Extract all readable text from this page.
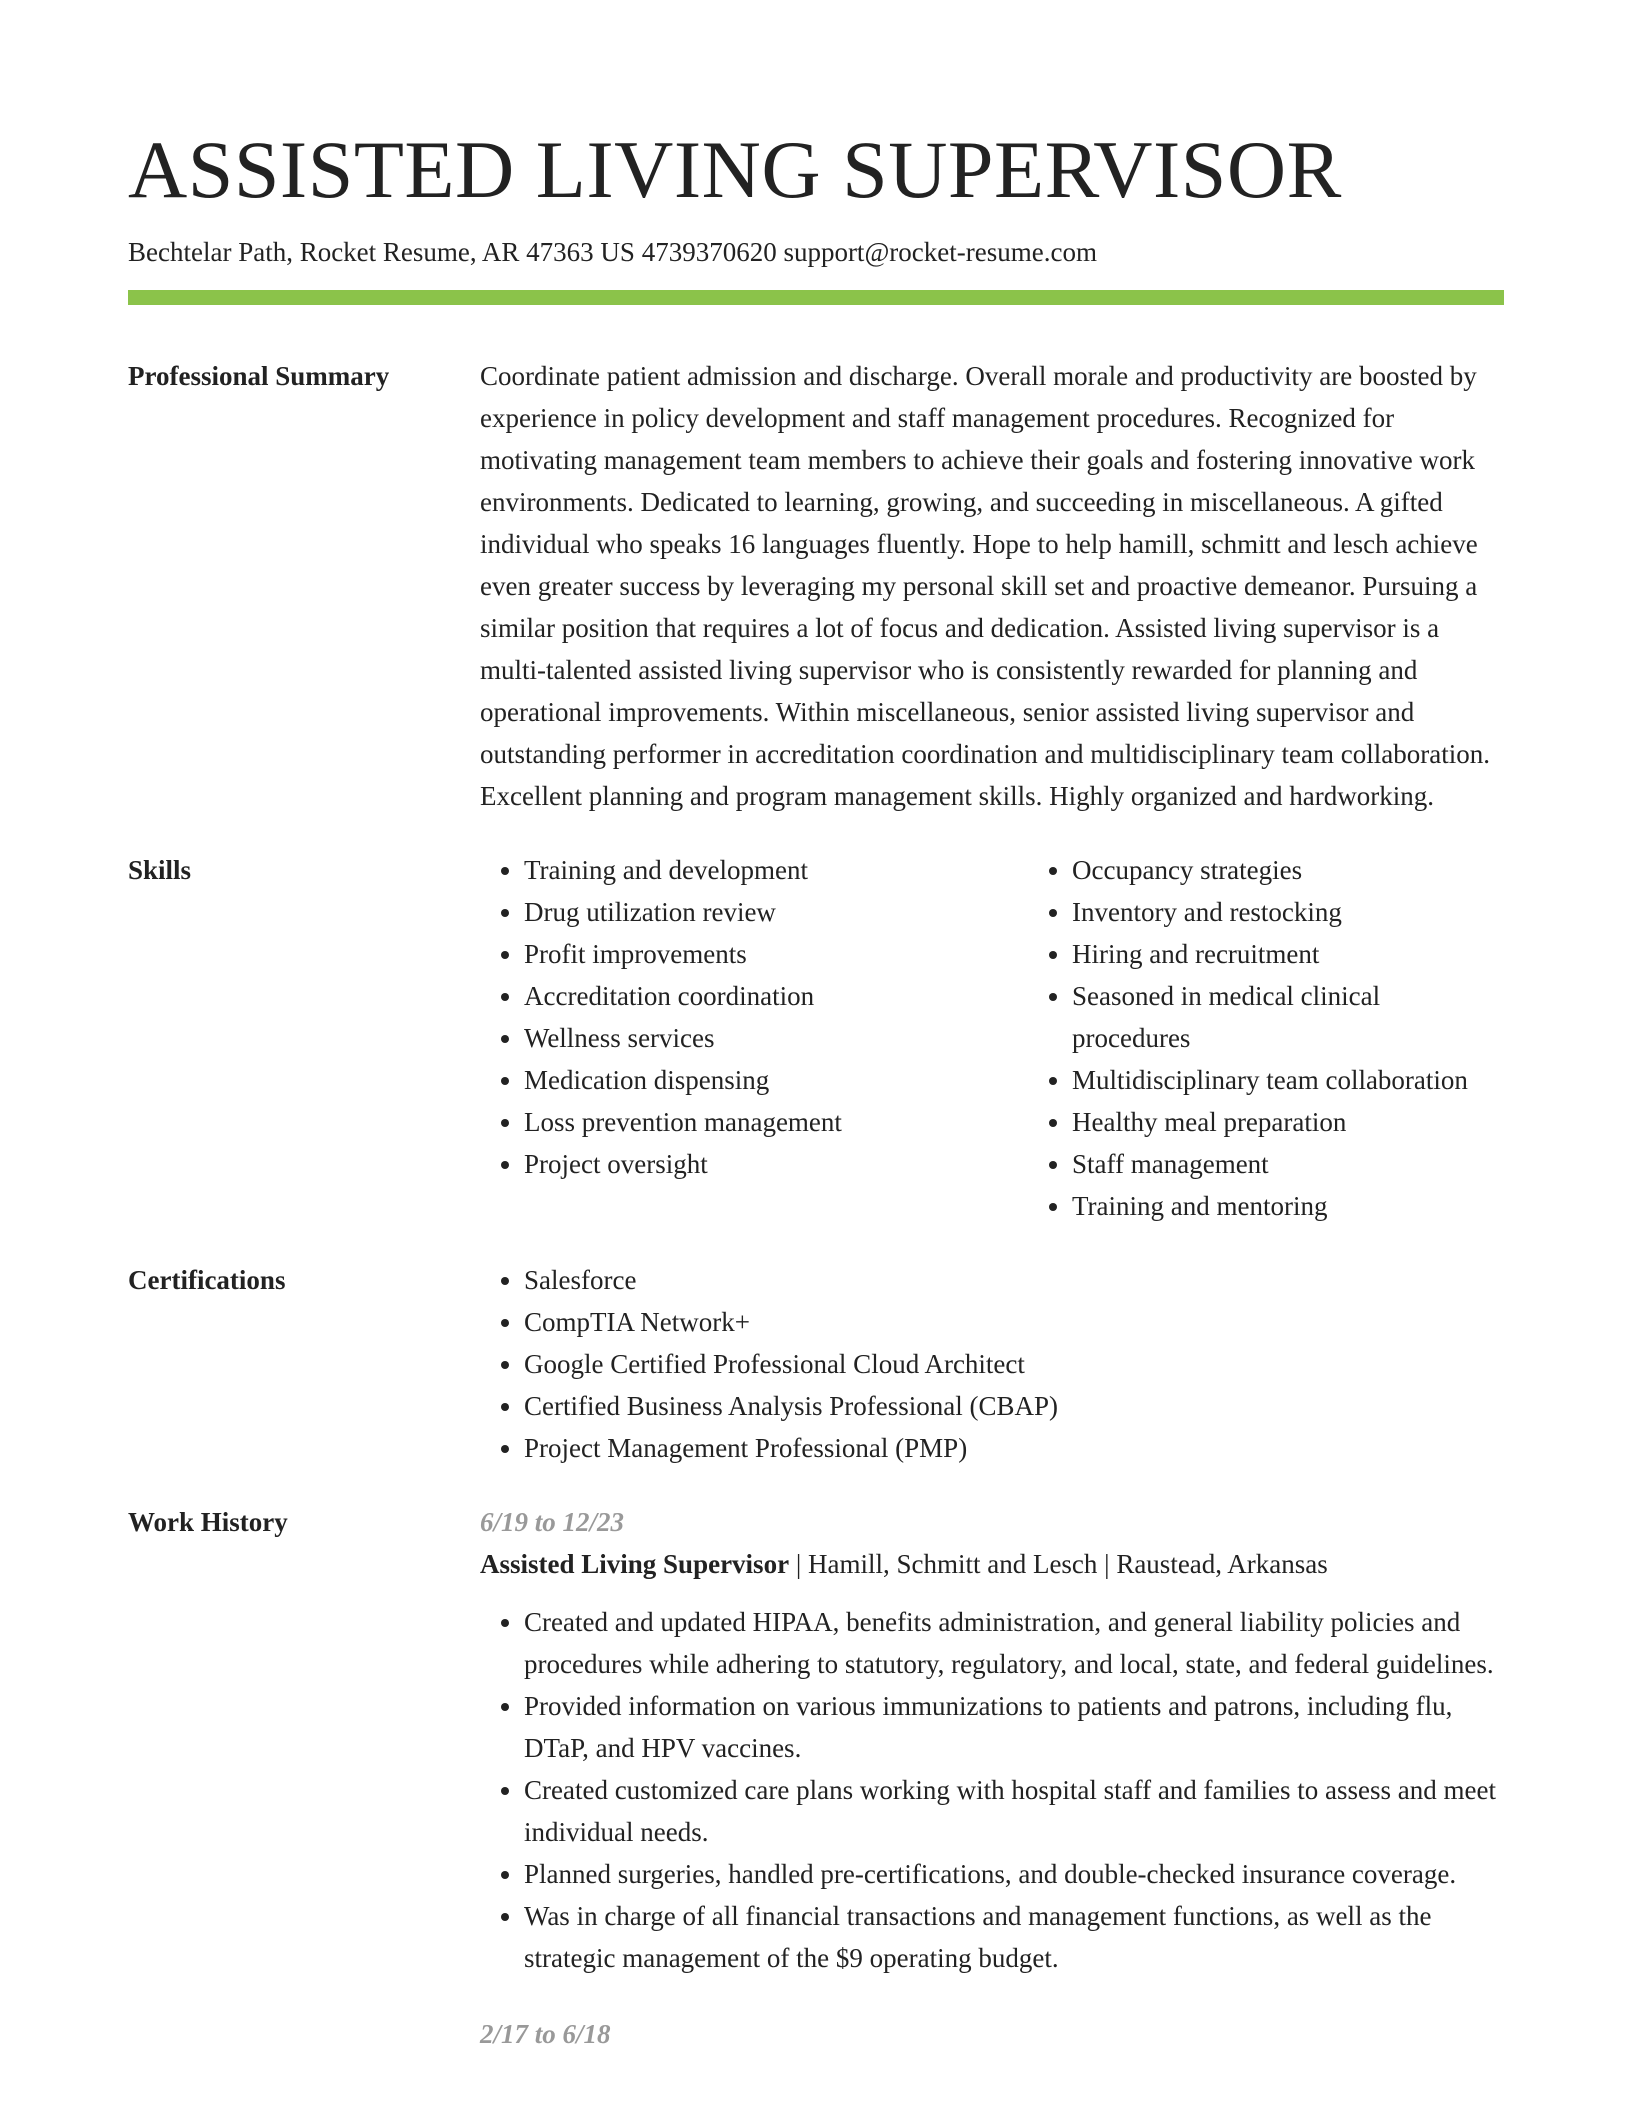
ASSISTED LIVING SUPERVISOR
Bechtelar Path, Rocket Resume, AR 47363 US 4739370620 support@rocket-resume.com
Professional Summary	Coordinate patient admission and discharge. Overall morale and productivity are boosted by experience in policy development and staff management procedures. Recognized for motivating management team members to achieve their goals and fostering innovative work environments. Dedicated to learning, growing, and succeeding in miscellaneous. A gifted individual who speaks 16 languages fluently. Hope to help hamill, schmitt and lesch achieve even greater success by leveraging my personal skill set and proactive demeanor. Pursuing a similar position that requires a lot of focus and dedication. Assisted living supervisor is a multi-talented assisted living supervisor who is consistently rewarded for planning and operational improvements. Within miscellaneous, senior assisted living supervisor and outstanding performer in accreditation coordination and multidisciplinary team collaboration. Excellent planning and program management skills. Highly organized and hardworking.

Skills	• Training and development
• Drug utilization review
• Profit improvements
• Accreditation coordination
• Wellness services
• Medication dispensing
• Loss prevention management
• Project oversight
• Occupancy strategies
• Inventory and restocking
• Hiring and recruitment
• Seasoned in medical clinical procedures
• Multidisciplinary team collaboration
• Healthy meal preparation
• Staff management
• Training and mentoring
Certifications	• Salesforce
• CompTIA Network+
• Google Certified Professional Cloud Architect
• Certified Business Analysis Professional (CBAP)
• Project Management Professional (PMP)
Work History	6/19 to 12/23
Assisted Living Supervisor | Hamill, Schmitt and Lesch | Raustead, Arkansas
• Created and updated HIPAA, benefits administration, and general liability policies and procedures while adhering to statutory, regulatory, and local, state, and federal guidelines.
• Provided information on various immunizations to patients and patrons, including flu, DTaP, and HPV vaccines.
• Created customized care plans working with hospital staff and families to assess and meet individual needs.
• Planned surgeries, handled pre-certifications, and double-checked insurance coverage.
• Was in charge of all financial transactions and management functions, as well as the strategic management of the $9 operating budget.
2/17 to 6/18
